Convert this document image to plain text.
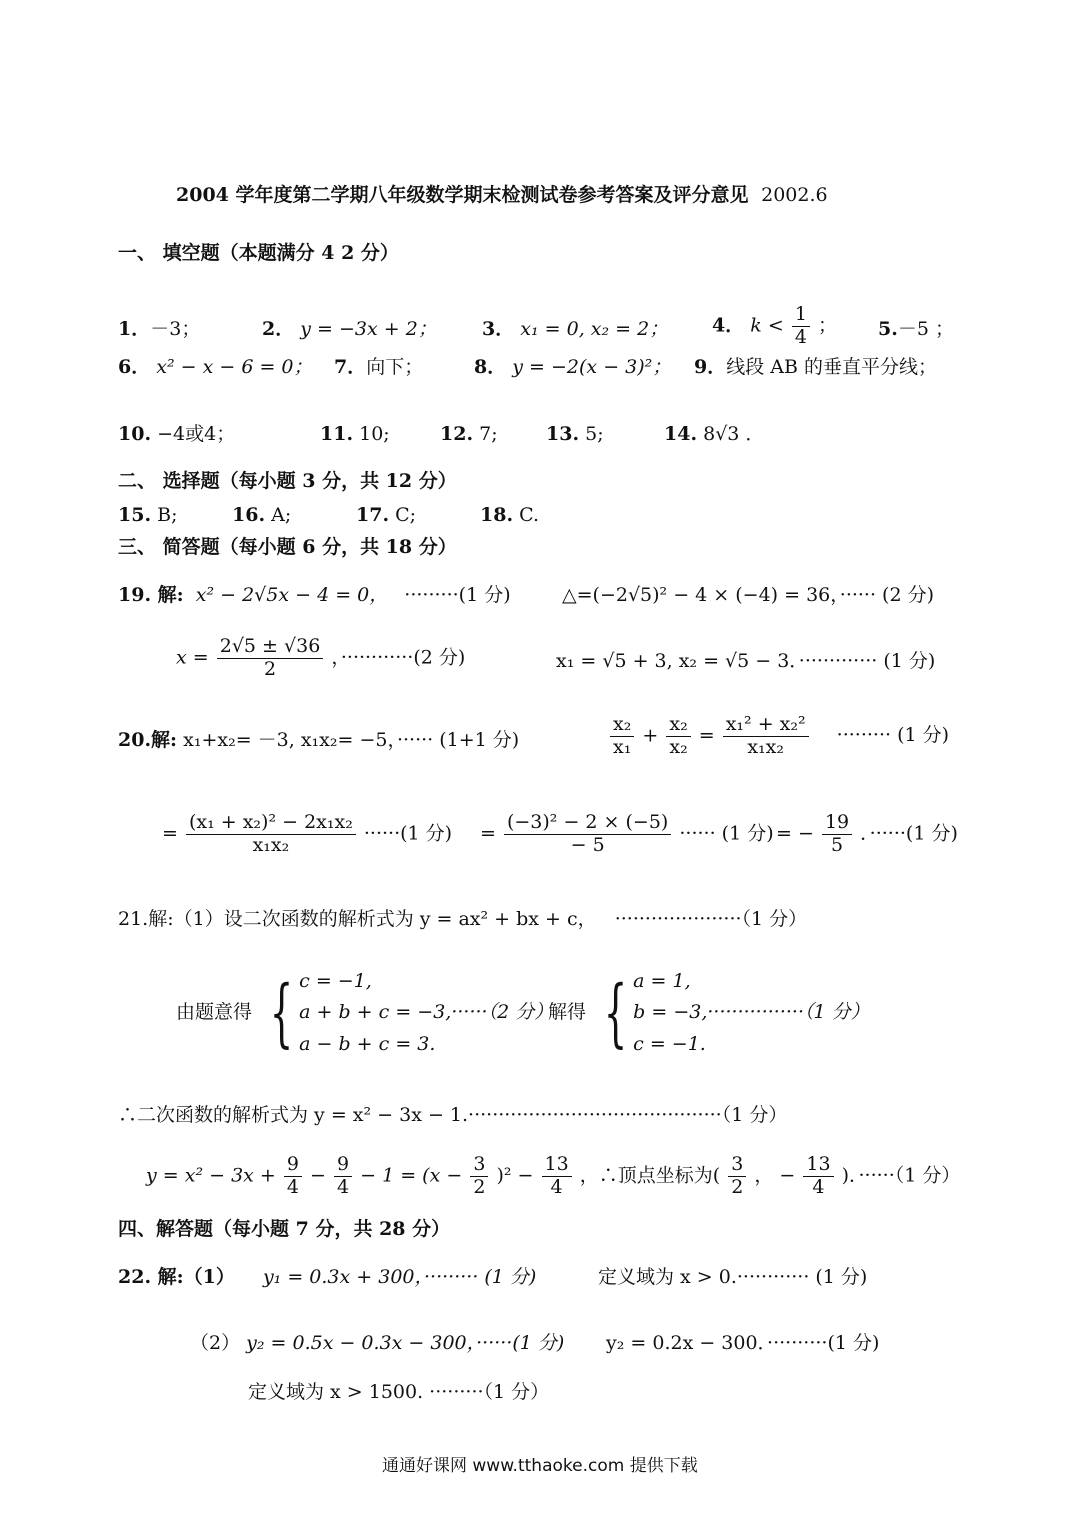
2004 学年度第二学期八年级数学期末检测试卷参考答案及评分意见 2002.6
一、 填空题（本题满分 4 2 分）
1．－3；	2． y = −3x + 2； 3． x₁ = 0, x₂ = 2； 4． $k < \frac{1}{4}$ ； 5.－5 ；
6． x² − x − 6 = 0； 7．向下；	8． y = −2(x − 3)²； 9．线段 AB 的垂直平分线；
10. −4或4；	11. 10;	12. 7;	13. 5;	14. 8√3 ．
二、 选择题（每小题 3 分，共 12 分）
15. B;	16. A;	17. C;	18. C.
三、 简答题（每小题 6 分，共 18 分）
19. 解: x² − 2√5x − 4 = 0， ·········(1 分)	△=(−2√5)² − 4 × (−4) = 36，······ (2 分)
$x = \frac{2√5 \pm √36}{2}$ ，············(2 分)	x₁ = √5 + 3, x₂ = √5 − 3．············· (1 分)
20.解: x₁+x₂= －3, x₁x₂= −5，······ (1+1 分)	$\frac{\text{x₂}}{\text{x₁}} + \frac{\text{x₂}}{\text{x₂}} = \frac{\text{x₁² + x₂²}}{\text{x₁x₂}}$ ········· (1 分)
= $\frac{\text{(x₁ + x₂)² − 2x₁x₂}}{\text{x₁x₂}} \cdot\cdot\cdot\cdot\cdot\cdot(1$ 分) = $\frac{\text{(−3)² − 2 × (−5)}}{- 5}$ ······ (1 分) = − $\frac{19}{5}$ ．······(1 分)
21.解:（1）设二次函数的解析式为 y = ax² + bx + c， ·····················（1 分）
由题意得 { c = −1,
a + b + c = −3,······（2 分）
a − b + c = 3.
解得 { a = 1,
b = −3,················（1 分）
c = −1.
∴二次函数的解析式为 y = x² − 3x − 1.··········································（1 分）
$y = x^2 - 3x + \frac{9}{4} - \frac{9}{4} - 1 = (x - \frac{3}{2} )^2 - \frac{13}{4}$ ，∴顶点坐标为( $\frac{3}{2}$ ， − $\frac{13}{4}$ )．······（1 分）
四、解答题（每小题 7 分，共 28 分）
22. 解:（1） y₁ = 0.3x + 300，········· (1 分)	定义域为 x > 0.············ (1 分)
（2） y₂ = 0.5x − 0.3x − 300，······(1 分) y₂ = 0.2x − 300．··········(1 分)
定义域为 x > 1500. ·········（1 分）
通通好课网 www.tthaoke.com 提供下载
